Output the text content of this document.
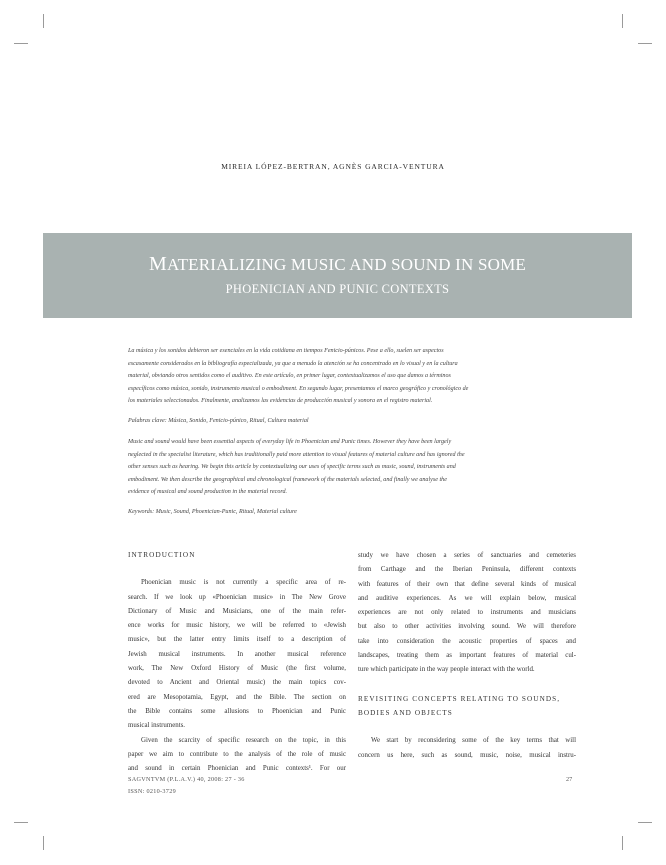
MIREIA LÓPEZ-BERTRAN, AGNÈS GARCIA-VENTURA
MATERIALIZING MUSIC AND SOUND IN SOME
PHOENICIAN AND PUNIC CONTEXTS
La música y los sonidos debieron ser esenciales en la vida cotidiana en tiempos Fenicio-púnicos. Pese a ello, suelen ser aspectos
escasamente considerados en la bibliografía especializada, ya que a menudo la atención se ha concentrado en lo visual y en la cultura
material, obviando otros sentidos como el auditivo. En este artículo, en primer lugar, contextualizamos el uso que damos a términos
específicos como música, sonido, instrumento musical o embodiment. En segundo lugar, presentamos el marco geográfico y cronológico de
los materiales seleccionados. Finalmente, analizamos las evidencias de producción musical y sonora en el registro material.
Palabras clave: Música, Sonido, Fenicio-púnico, Ritual, Cultura material
Music and sound would have been essential aspects of everyday life in Phoenician and Punic times. However they have been largely
neglected in the specialist literature, which has traditionally paid more attention to visual features of material culture and has ignored the
other senses such as hearing. We begin this article by contextualizing our uses of specific terms such as music, sound, instruments and
embodiment. We then describe the geographical and chronological framework of the materials selected, and finally we analyse the
evidence of musical and sound production in the material record.
Keywords: Music, Sound, Phoenician-Punic, Ritual, Material culture
INTRODUCTION
Phoenician music is not currently a specific area of re-
search. If we look up «Phoenician music» in The New Grove
Dictionary of Music and Musicians, one of the main refer-
ence works for music history, we will be referred to «Jewish
music», but the latter entry limits itself to a description of
Jewish musical instruments. In another musical reference
work, The New Oxford History of Music (the first volume,
devoted to Ancient and Oriental music) the main topics cov-
ered are Mesopotamia, Egypt, and the Bible. The section on
the Bible contains some allusions to Phoenician and Punic
musical instruments.
Given the scarcity of specific research on the topic, in this
paper we aim to contribute to the analysis of the role of music
and sound in certain Phoenician and Punic contexts¹. For our
study we have chosen a series of sanctuaries and cemeteries
from Carthage and the Iberian Peninsula, different contexts
with features of their own that define several kinds of musical
and auditive experiences. As we will explain below, musical
experiences are not only related to instruments and musicians
but also to other activities involving sound. We will therefore
take into consideration the acoustic properties of spaces and
landscapes, treating them as important features of material cul-
ture which participate in the way people interact with the world.
REVISITING CONCEPTS RELATING TO SOUNDS,
BODIES AND OBJECTS
We start by reconsidering some of the key terms that will
concern us here, such as sound, music, noise, musical instru-
SAGVNTVM (P.L.A.V.) 40, 2008: 27 - 36
ISSN: 0210-3729
27
